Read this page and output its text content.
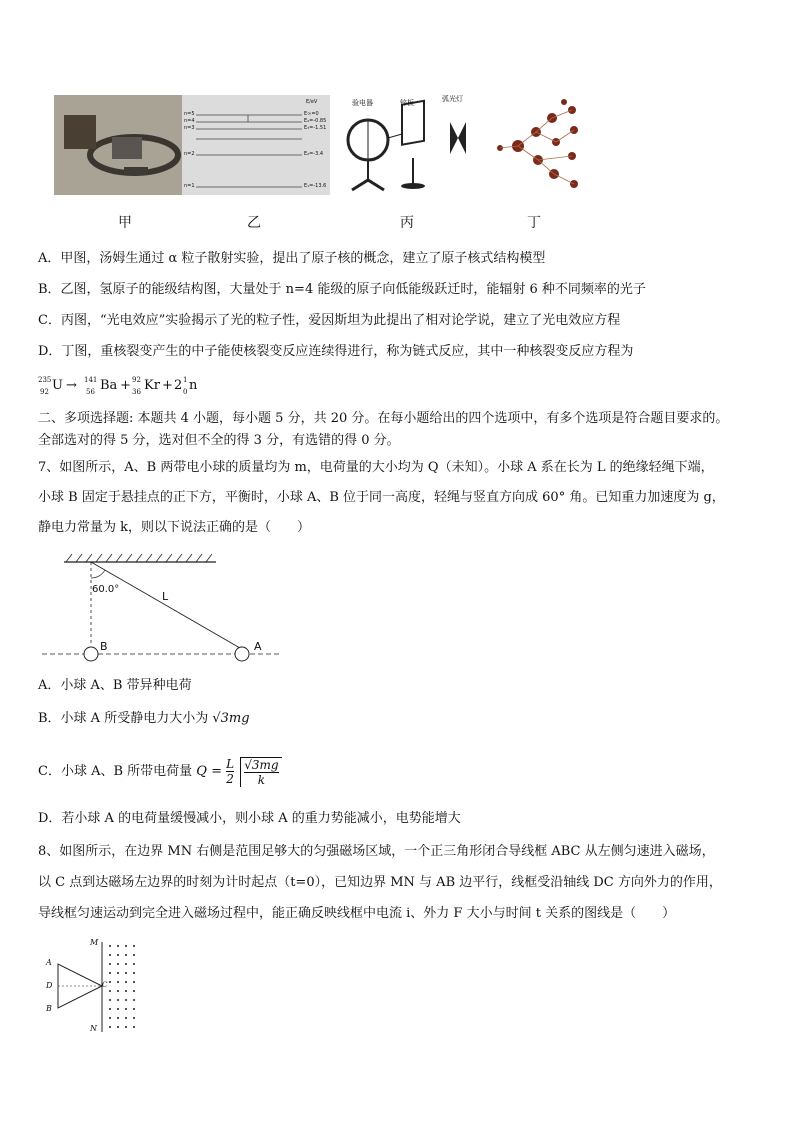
E/eV
n=5
n=4
n=3
n=2
n=1
E∞=0
E₄=-0.85
E₃=-1.51
E₂=-3.4
E₁=-13.6
验电器	锌板	弧光灯
甲	乙	丙	丁
A．甲图，汤姆生通过 α 粒子散射实验，提出了原子核的概念，建立了原子核式结构模型
B．乙图，氢原子的能级结构图，大量处于 n=4 能级的原子向低能级跃迁时，能辐射 6 种不同频率的光子
C．丙图，“光电效应”实验揭示了光的粒子性，爱因斯坦为此提出了相对论学说，建立了光电效应方程
D．丁图，重核裂变产生的中子能使核裂变反应连续得进行，称为链式反应，其中一种核裂变反应方程为
235
92 U → 141
56 Ba + 92
36 Kr + 2 1
0 n
二、多项选择题: 本题共 4 小题，每小题 5 分，共 20 分。在每小题给出的四个选项中，有多个选项是符合题目要求的。
全部选对的得 5 分，选对但不全的得 3 分，有选错的得 0 分。
7、如图所示，A、B 两带电小球的质量均为 m，电荷量的大小均为 Q（未知）。小球 A 系在长为 L 的绝缘轻绳下端，
小球 B 固定于悬挂点的正下方，平衡时，小球 A、B 位于同一高度，轻绳与竖直方向成 60° 角。已知重力加速度为 g，
静电力常量为 k，则以下说法正确的是（　　）
60.0°
L
B	A
A．小球 A、B 带异种电荷
B．小球 A 所受静电力大小为 √3mg
C．小球 A、B 所带电荷量 $Q = \frac{L}{2}$
$\frac{√3mg}{k}$
D．若小球 A 的电荷量缓慢减小，则小球 A 的重力势能减小，电势能增大
8、如图所示，在边界 MN 右侧是范围足够大的匀强磁场区域，一个正三角形闭合导线框 ABC 从左侧匀速进入磁场，
以 C 点到达磁场左边界的时刻为计时起点（t=0），已知边界 MN 与 AB 边平行，线框受沿轴线 DC 方向外力的作用，
导线框匀速运动到完全进入磁场过程中，能正确反映线框中电流 i、外力 F 大小与时间 t 关系的图线是（　　）
M
N
A
D
B
C
